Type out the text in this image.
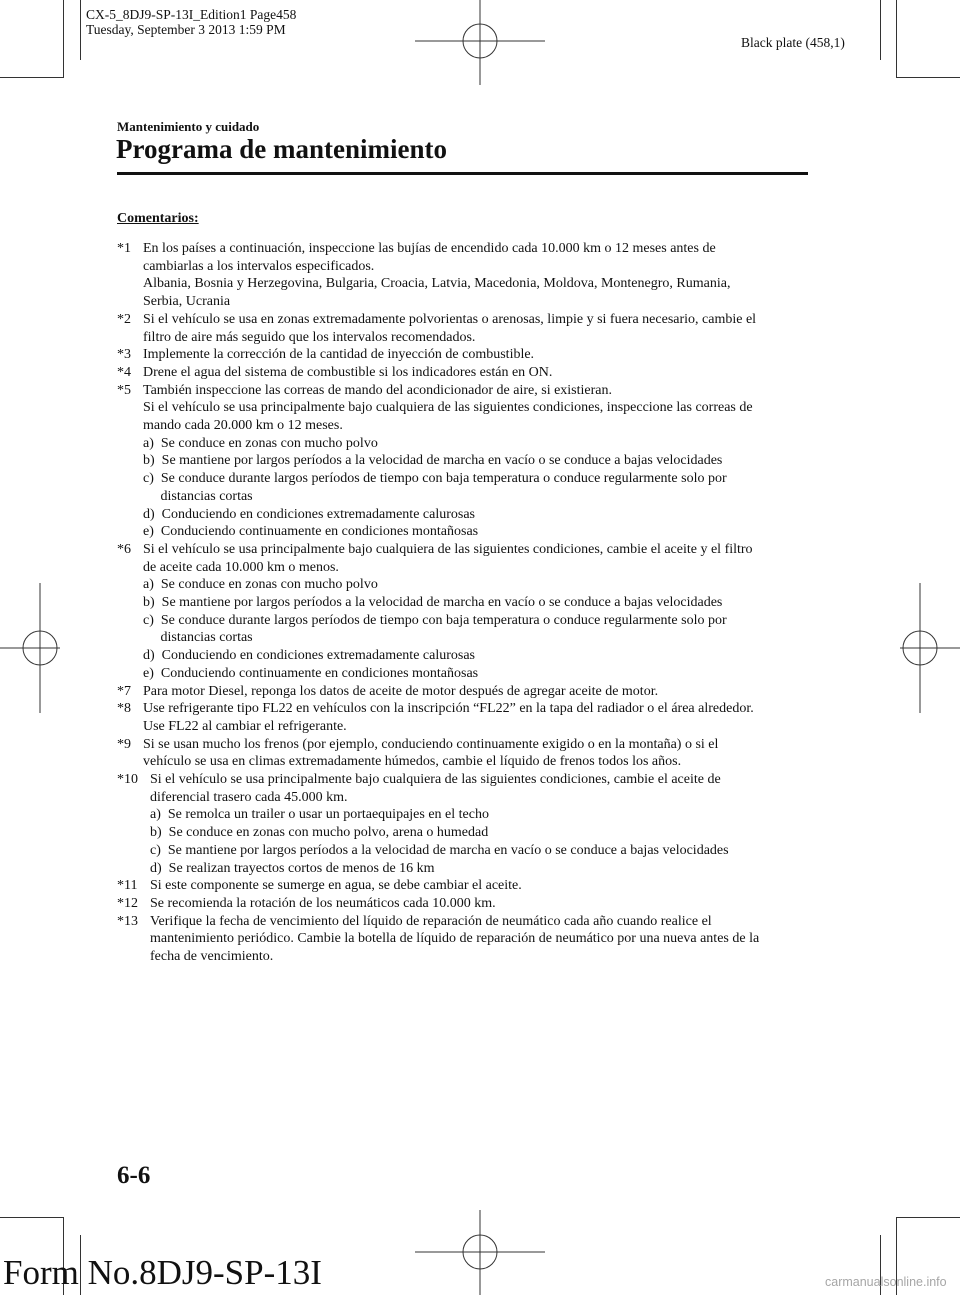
CX-5_8DJ9-SP-13I_Edition1 Page458
Tuesday, September 3 2013 1:59 PM
Black plate (458,1)
Mantenimiento y cuidado
Programa de mantenimiento
Comentarios:
*1 En los países a continuación, inspeccione las bujías de encendido cada 10.000 km o 12 meses antes de
cambiarlas a los intervalos especificados.
Albania, Bosnia y Herzegovina, Bulgaria, Croacia, Latvia, Macedonia, Moldova, Montenegro, Rumania,
Serbia, Ucrania
*2 Si el vehículo se usa en zonas extremadamente polvorientas o arenosas, limpie y si fuera necesario, cambie el
filtro de aire más seguido que los intervalos recomendados.
*3 Implemente la corrección de la cantidad de inyección de combustible.
*4 Drene el agua del sistema de combustible si los indicadores están en ON.
*5 También inspeccione las correas de mando del acondicionador de aire, si existieran.
Si el vehículo se usa principalmente bajo cualquiera de las siguientes condiciones, inspeccione las correas de
mando cada 20.000 km o 12 meses.
a)  Se conduce en zonas con mucho polvo
b)  Se mantiene por largos períodos a la velocidad de marcha en vacío o se conduce a bajas velocidades
c)  Se conduce durante largos períodos de tiempo con baja temperatura o conduce regularmente solo por
distancias cortas
d)  Conduciendo en condiciones extremadamente calurosas
e)  Conduciendo continuamente en condiciones montañosas
*6 Si el vehículo se usa principalmente bajo cualquiera de las siguientes condiciones, cambie el aceite y el filtro
de aceite cada 10.000 km o menos.
a)  Se conduce en zonas con mucho polvo
b)  Se mantiene por largos períodos a la velocidad de marcha en vacío o se conduce a bajas velocidades
c)  Se conduce durante largos períodos de tiempo con baja temperatura o conduce regularmente solo por
distancias cortas
d)  Conduciendo en condiciones extremadamente calurosas
e)  Conduciendo continuamente en condiciones montañosas
*7 Para motor Diesel, reponga los datos de aceite de motor después de agregar aceite de motor.
*8 Use refrigerante tipo FL22 en vehículos con la inscripción “FL22” en la tapa del radiador o el área alrededor.
Use FL22 al cambiar el refrigerante.
*9 Si se usan mucho los frenos (por ejemplo, conduciendo continuamente exigido o en la montaña) o si el
vehículo se usa en climas extremadamente húmedos, cambie el líquido de frenos todos los años.
*10 Si el vehículo se usa principalmente bajo cualquiera de las siguientes condiciones, cambie el aceite de
diferencial trasero cada 45.000 km.
a)  Se remolca un trailer o usar un portaequipajes en el techo
b)  Se conduce en zonas con mucho polvo, arena o humedad
c)  Se mantiene por largos períodos a la velocidad de marcha en vacío o se conduce a bajas velocidades
d)  Se realizan trayectos cortos de menos de 16 km
*11 Si este componente se sumerge en agua, se debe cambiar el aceite.
*12 Se recomienda la rotación de los neumáticos cada 10.000 km.
*13 Verifique la fecha de vencimiento del líquido de reparación de neumático cada año cuando realice el
mantenimiento periódico. Cambie la botella de líquido de reparación de neumático por una nueva antes de la
fecha de vencimiento.
6-6
Form No.8DJ9-SP-13I	carmanualsonline.info
